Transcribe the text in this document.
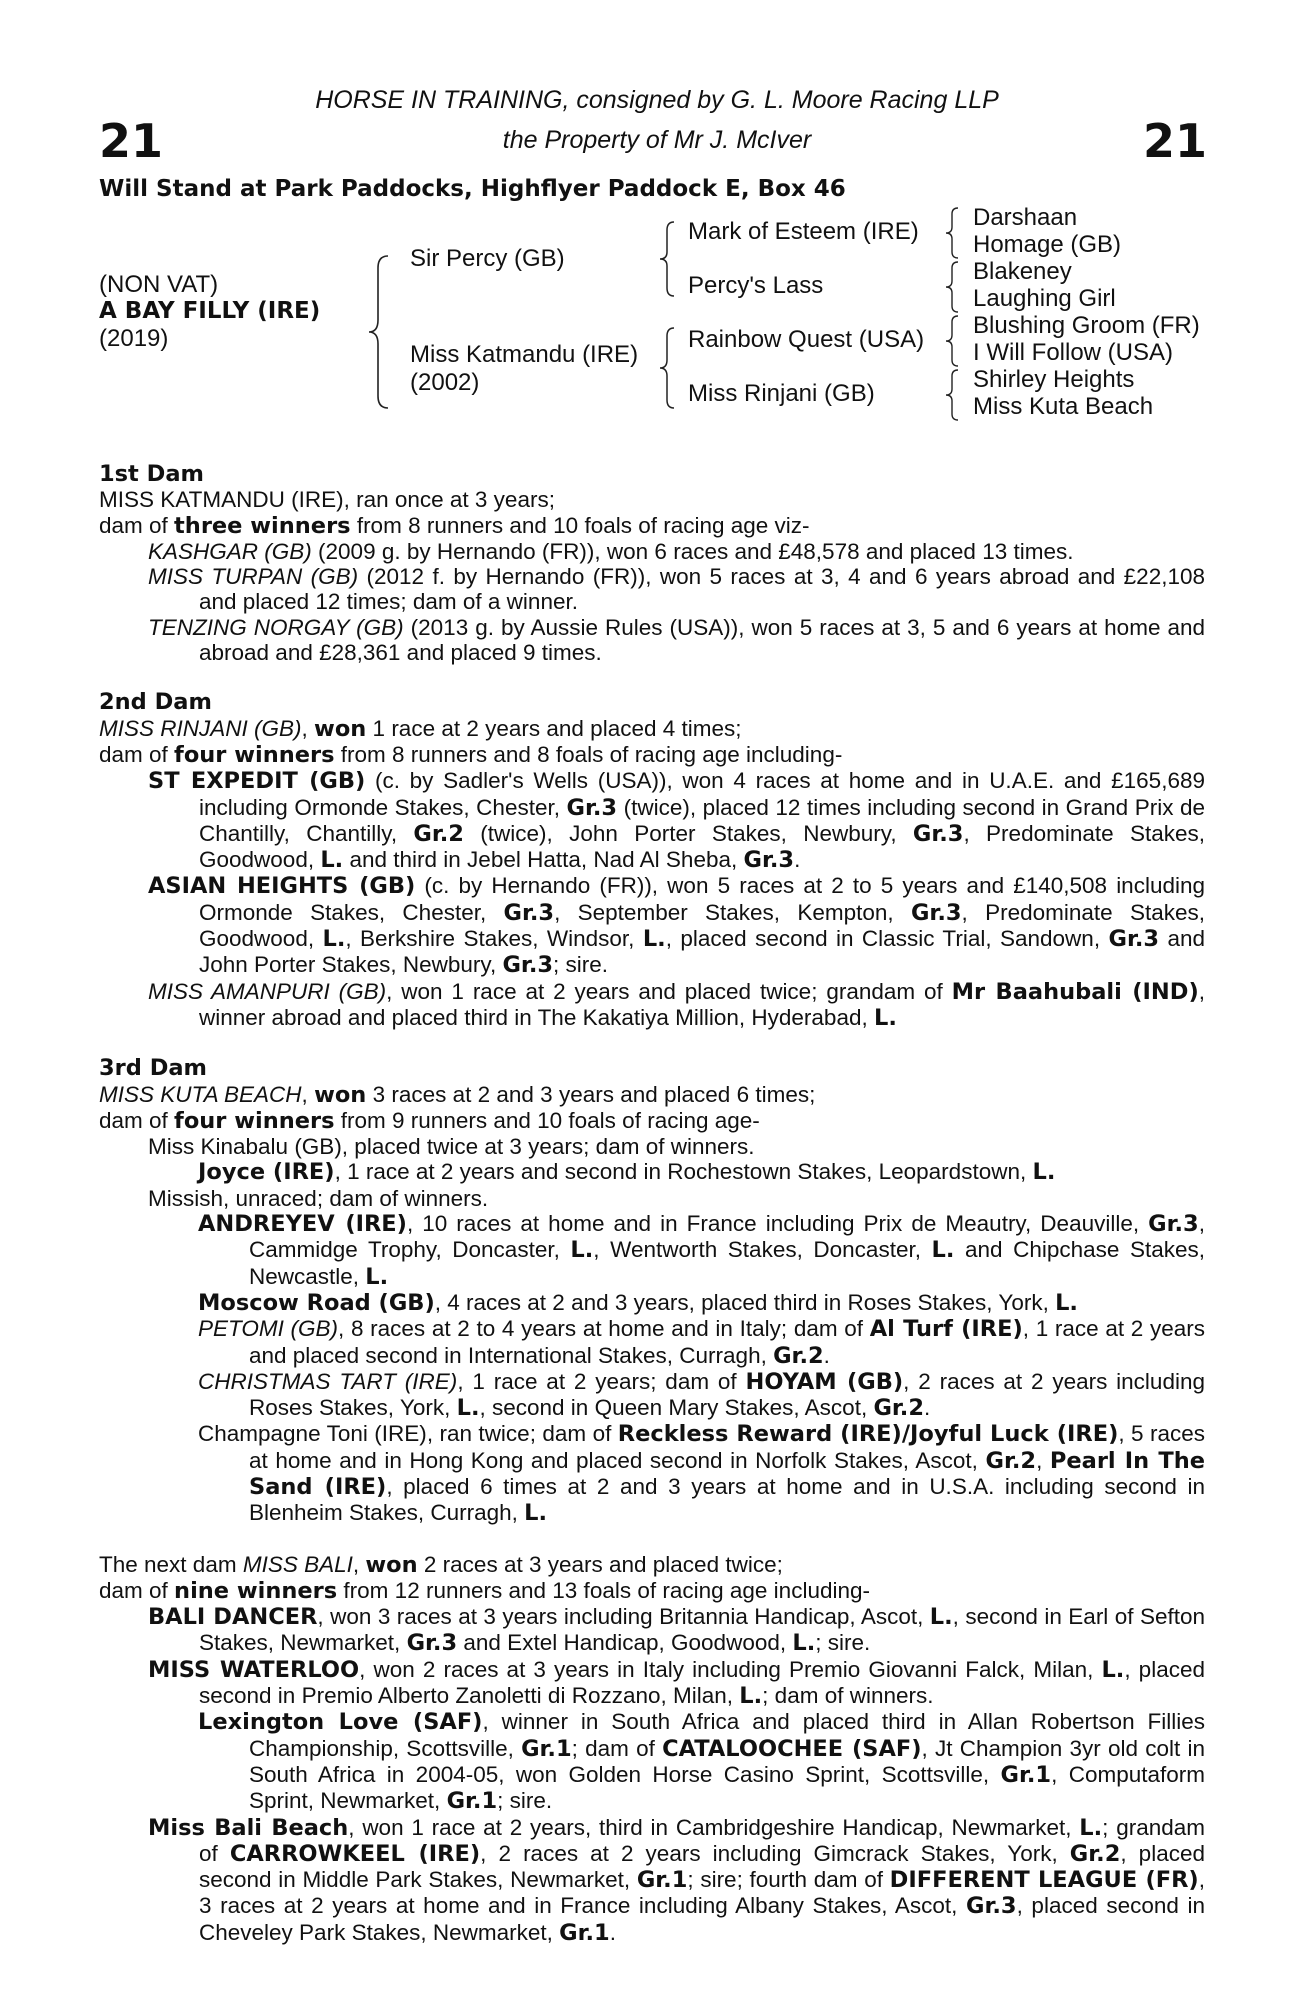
21	21
HORSE IN TRAINING, consigned by G. L. Moore Racing LLP
the Property of Mr J. McIver
Will Stand at Park Paddocks, Highflyer Paddock E, Box 46
(NON VAT)
A BAY FILLY (IRE)
(2019)
Sir Percy (GB)
Miss Katmandu (IRE)
(2002)
Mark of Esteem (IRE)
Percy's Lass
Rainbow Quest (USA)
Miss Rinjani (GB)
Darshaan
Homage (GB)
Blakeney
Laughing Girl
Blushing Groom (FR)
I Will Follow (USA)
Shirley Heights
Miss Kuta Beach
1st Dam
MISS KATMANDU (IRE), ran once at 3 years;
dam of three winners from 8 runners and 10 foals of racing age viz-
KASHGAR (GB) (2009 g. by Hernando (FR)), won 6 races and £48,578 and placed 13 times.
MISS TURPAN (GB) (2012 f. by Hernando (FR)), won 5 races at 3, 4 and 6 years abroad and £22,108 and placed 12 times; dam of a winner.
TENZING NORGAY (GB) (2013 g. by Aussie Rules (USA)), won 5 races at 3, 5 and 6 years at home and abroad and £28,361 and placed 9 times.
2nd Dam
MISS RINJANI (GB), won 1 race at 2 years and placed 4 times;
dam of four winners from 8 runners and 8 foals of racing age including-
ST EXPEDIT (GB) (c. by Sadler's Wells (USA)), won 4 races at home and in U.A.E. and £165,689 including Ormonde Stakes, Chester, Gr.3 (twice), placed 12 times including second in Grand Prix de Chantilly, Chantilly, Gr.2 (twice), John Porter Stakes, Newbury, Gr.3, Predominate Stakes, Goodwood, L. and third in Jebel Hatta, Nad Al Sheba, Gr.3.
ASIAN HEIGHTS (GB) (c. by Hernando (FR)), won 5 races at 2 to 5 years and £140,508 including Ormonde Stakes, Chester, Gr.3, September Stakes, Kempton, Gr.3, Predominate Stakes, Goodwood, L., Berkshire Stakes, Windsor, L., placed second in Classic Trial, Sandown, Gr.3 and John Porter Stakes, Newbury, Gr.3; sire.
MISS AMANPURI (GB), won 1 race at 2 years and placed twice; grandam of Mr Baahubali (IND), winner abroad and placed third in The Kakatiya Million, Hyderabad, L.
3rd Dam
MISS KUTA BEACH, won 3 races at 2 and 3 years and placed 6 times;
dam of four winners from 9 runners and 10 foals of racing age-
Miss Kinabalu (GB), placed twice at 3 years; dam of winners.
Joyce (IRE), 1 race at 2 years and second in Rochestown Stakes, Leopardstown, L.
Missish, unraced; dam of winners.
ANDREYEV (IRE), 10 races at home and in France including Prix de Meautry, Deauville, Gr.3, Cammidge Trophy, Doncaster, L., Wentworth Stakes, Doncaster, L. and Chipchase Stakes, Newcastle, L.
Moscow Road (GB), 4 races at 2 and 3 years, placed third in Roses Stakes, York, L.
PETOMI (GB), 8 races at 2 to 4 years at home and in Italy; dam of Al Turf (IRE), 1 race at 2 years and placed second in International Stakes, Curragh, Gr.2.
CHRISTMAS TART (IRE), 1 race at 2 years; dam of HOYAM (GB), 2 races at 2 years including Roses Stakes, York, L., second in Queen Mary Stakes, Ascot, Gr.2.
Champagne Toni (IRE), ran twice; dam of Reckless Reward (IRE)/Joyful Luck (IRE), 5 races at home and in Hong Kong and placed second in Norfolk Stakes, Ascot, Gr.2, Pearl In The Sand (IRE), placed 6 times at 2 and 3 years at home and in U.S.A. including second in Blenheim Stakes, Curragh, L.
The next dam MISS BALI, won 2 races at 3 years and placed twice;
dam of nine winners from 12 runners and 13 foals of racing age including-
BALI DANCER, won 3 races at 3 years including Britannia Handicap, Ascot, L., second in Earl of Sefton Stakes, Newmarket, Gr.3 and Extel Handicap, Goodwood, L.; sire.
MISS WATERLOO, won 2 races at 3 years in Italy including Premio Giovanni Falck, Milan, L., placed second in Premio Alberto Zanoletti di Rozzano, Milan, L.; dam of winners.
Lexington Love (SAF), winner in South Africa and placed third in Allan Robertson Fillies Championship, Scottsville, Gr.1; dam of CATALOOCHEE (SAF), Jt Champion 3yr old colt in South Africa in 2004-05, won Golden Horse Casino Sprint, Scottsville, Gr.1, Computaform Sprint, Newmarket, Gr.1; sire.
Miss Bali Beach, won 1 race at 2 years, third in Cambridgeshire Handicap, Newmarket, L.; grandam of CARROWKEEL (IRE), 2 races at 2 years including Gimcrack Stakes, York, Gr.2, placed second in Middle Park Stakes, Newmarket, Gr.1; sire; fourth dam of DIFFERENT LEAGUE (FR), 3 races at 2 years at home and in France including Albany Stakes, Ascot, Gr.3, placed second in Cheveley Park Stakes, Newmarket, Gr.1.
